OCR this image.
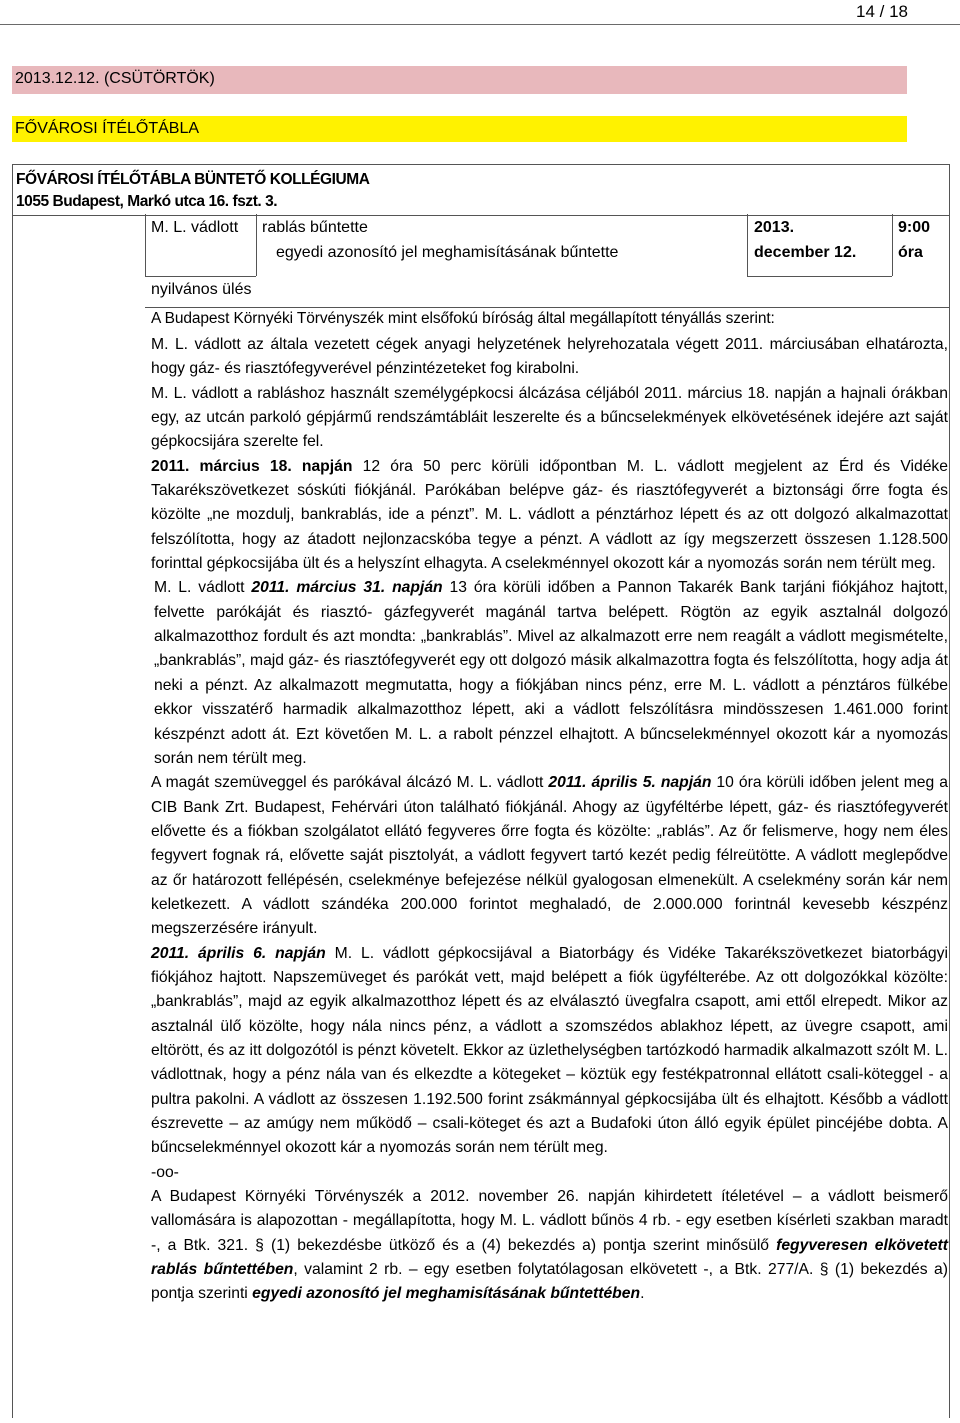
14 / 18
2013.12.12. (CSÜTÖRTÖK)
FŐVÁROSI ÍTÉLŐTÁBLA
FŐVÁROSI ÍTÉLŐTÁBLA BÜNTETŐ KOLLÉGIUMA
1055 Budapest, Markó utca 16. fszt. 3.
M. L. vádlott rablás bűntette
egyedi azonosító jel meghamisításának bűntette
2013.
december 12.
9:00
óra
nyilvános ülés
A Budapest Környéki Törvényszék mint elsőfokú bíróság által megállapított tényállás szerint:

M. L. vádlott az általa vezetett cégek anyagi helyzetének helyrehozatala végett 2011. márciusában elhatározta, hogy gáz- és riasztófegyverével pénzintézeteket fog kirabolni.

M. L. vádlott a rabláshoz használt személygépkocsi álcázása céljából 2011. március 18. napján a hajnali órákban egy, az utcán parkoló gépjármű rendszámtábláit leszerelte és a bűncselekmények elkövetésének idejére azt saját gépkocsijára szerelte fel.

2011. március 18. napján 12 óra 50 perc körüli időpontban M. L. vádlott megjelent az Érd és Vidéke Takarékszövetkezet sóskúti fiókjánál. Parókában belépve gáz- és riasztófegyverét a biztonsági őrre fogta és közölte „ne mozdulj, bankrablás, ide a pénzt”. M. L. vádlott a pénztárhoz lépett és az ott dolgozó alkalmazottat felszólította, hogy az átadott nejlonzacskóba tegye a pénzt. A vádlott az így megszerzett összesen 1.128.500 forinttal gépkocsijába ült és a helyszínt elhagyta. A cselekménnyel okozott kár a nyomozás során nem térült meg.

M. L. vádlott 2011. március 31. napján 13 óra körüli időben a Pannon Takarék Bank tarjáni fiókjához hajtott, felvette parókáját és riasztó- gázfegyverét magánál tartva belépett. Rögtön az egyik asztalnál dolgozó alkalmazotthoz fordult és azt mondta: „bankrablás”. Mivel az alkalmazott erre nem reagált a vádlott megismételte, „bankrablás”, majd gáz- és riasztófegyverét egy ott dolgozó másik alkalmazottra fogta és felszólította, hogy adja át neki a pénzt. Az alkalmazott megmutatta, hogy a fiókjában nincs pénz, erre M. L. vádlott a pénztáros fülkébe ekkor visszatérő harmadik alkalmazotthoz lépett, aki a vádlott felszólításra mindösszesen 1.461.000 forint készpénzt adott át. Ezt követően M. L. a rabolt pénzzel elhajtott. A bűncselekménnyel okozott kár a nyomozás során nem térült meg.

A magát szemüveggel és parókával álcázó M. L. vádlott 2011. április 5. napján 10 óra körüli időben jelent meg a CIB Bank Zrt. Budapest, Fehérvári úton található fiókjánál. Ahogy az ügyféltérbe lépett, gáz- és riasztófegyverét elővette és a fiókban szolgálatot ellátó fegyveres őrre fogta és közölte: „rablás”. Az őr felismerve, hogy nem éles fegyvert fognak rá, elővette saját pisztolyát, a vádlott fegyvert tartó kezét pedig félreütötte. A vádlott meglepődve az őr határozott fellépésén, cselekménye befejezése nélkül gyalogosan elmenekült. A cselekmény során kár nem keletkezett. A vádlott szándéka 200.000 forintot meghaladó, de 2.000.000 forintnál kevesebb készpénz megszerzésére irányult.

2011. április 6. napján M. L. vádlott gépkocsijával a Biatorbágy és Vidéke Takarékszövetkezet biatorbágyi fiókjához hajtott. Napszemüveget és parókát vett, majd belépett a fiók ügyfélterébe. Az ott dolgozókkal közölte: „bankrablás”, majd az egyik alkalmazotthoz lépett és az elválasztó üvegfalra csapott, ami ettől elrepedt. Mikor az asztalnál ülő közölte, hogy nála nincs pénz, a vádlott a szomszédos ablakhoz lépett, az üvegre csapott, ami eltörött, és az itt dolgozótól is pénzt követelt. Ekkor az üzlethelységben tartózkodó harmadik alkalmazott szólt M. L. vádlottnak, hogy a pénz nála van és elkezdte a kötegeket – köztük egy festékpatronnal ellátott csali-köteggel - a pultra pakolni. A vádlott az összesen 1.192.500 forint zsákmánnyal gépkocsijába ült és elhajtott. Később a vádlott észrevette – az amúgy nem működő – csali-köteget és azt a Budafoki úton álló egyik épület pincéjébe dobta. A bűncselekménnyel okozott kár a nyomozás során nem térült meg.

-oo-

A Budapest Környéki Törvényszék a 2012. november 26. napján kihirdetett ítéletével – a vádlott beismerő vallomására is alapozottan - megállapította, hogy M. L. vádlott bűnös 4 rb. - egy esetben kísérleti szakban maradt -, a Btk. 321. § (1) bekezdésbe ütköző és a (4) bekezdés a) pontja szerint minősülő fegyveresen elkövetett rablás bűntettében, valamint 2 rb. – egy esetben folytatólagosan elkövetett -, a Btk. 277/A. § (1) bekezdés a) pontja szerinti egyedi azonosító jel meghamisításának bűntettében.
